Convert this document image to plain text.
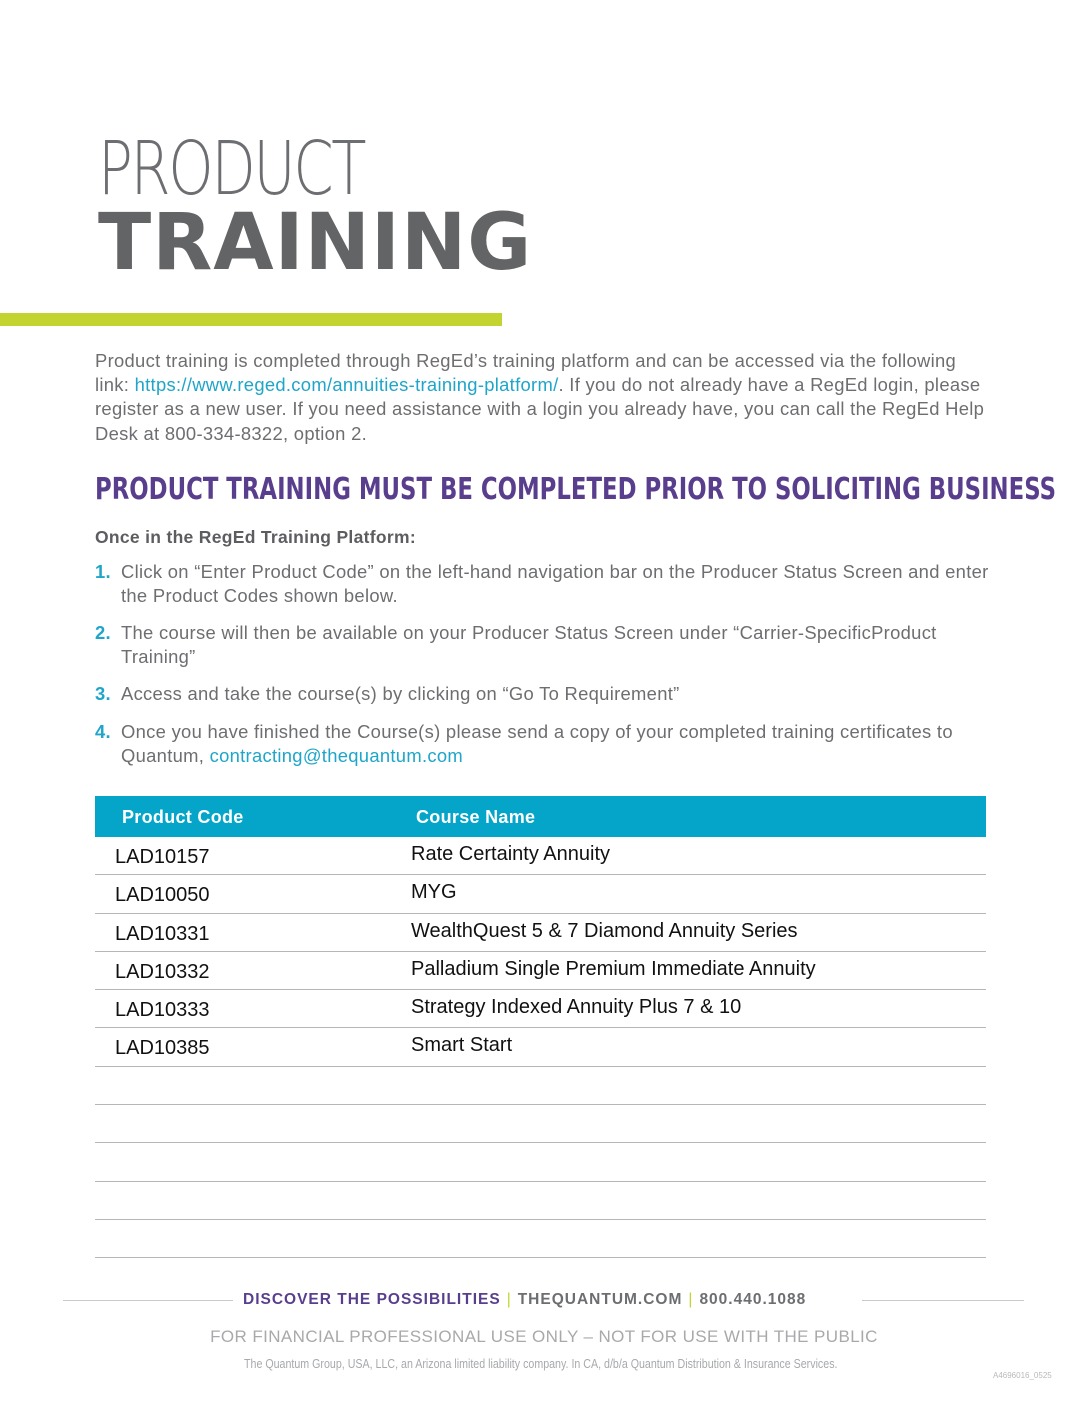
PRODUCT
TRAINING

Product training is completed through RegEd’s training platform and can be accessed via the following link: https://www.reged.com/annuities-training-platform/. If you do not already have a RegEd login, please register as a new user. If you need assistance with a login you already have, you can call the RegEd Help Desk at 800-334-8322, option 2.

PRODUCT TRAINING MUST BE COMPLETED PRIOR TO SOLICITING BUSINESS
Once in the RegEd Training Platform:
1. Click on “Enter Product Code” on the left-hand navigation bar on the Producer Status Screen and enter the Product Codes shown below.
2. The course will then be available on your Producer Status Screen under “Carrier-SpecificProduct Training”
3. Access and take the course(s) by clicking on “Go To Requirement”
4. Once you have finished the Course(s) please send a copy of your completed training certificates to Quantum, contracting@thequantum.com
Product Code	Course Name
LAD10157	Rate Certainty Annuity
LAD10050	MYG
LAD10331	WealthQuest 5 & 7 Diamond Annuity Series
LAD10332	Palladium Single Premium Immediate Annuity
LAD10333	Strategy Indexed Annuity Plus 7 & 10
LAD10385	Smart Start
DISCOVER THE POSSIBILITIES | THEQUANTUM.COM | 800.440.1088
FOR FINANCIAL PROFESSIONAL USE ONLY – NOT FOR USE WITH THE PUBLIC
The Quantum Group, USA, LLC, an Arizona limited liability company. In CA, d/b/a Quantum Distribution & Insurance Services.
A4696016_0525
